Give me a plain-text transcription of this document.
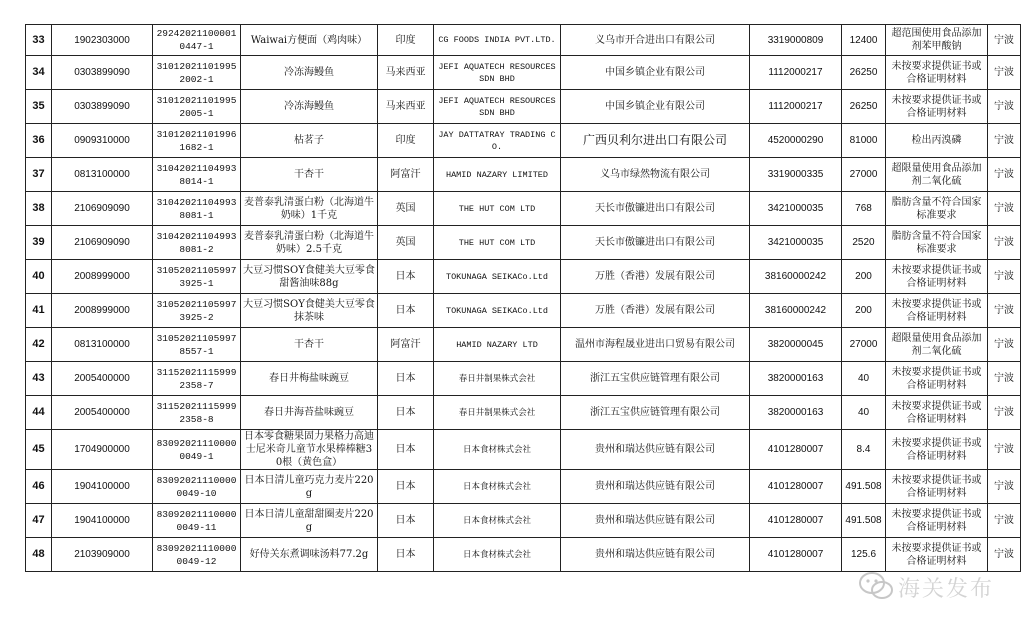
33	1902303000	292420211000010447-1	Waiwai方便面（鸡肉味）	印度	CG FOODS INDIA PVT.LTD.	义乌市开合进出口有限公司	3319000809	12400	超范围使用食品添加剂苯甲酸钠	宁波
34	0303899090	310120211019952002-1	冷冻海鳗鱼	马来西亚	JEFI AQUATECH RESOURCES SDN BHD	中国乡镇企业有限公司	1112000217	26250	未按要求提供证书或合格证明材料	宁波
35	0303899090	310120211019952005-1	冷冻海鳗鱼	马来西亚	JEFI AQUATECH RESOURCES SDN BHD	中国乡镇企业有限公司	1112000217	26250	未按要求提供证书或合格证明材料	宁波
36	0909310000	310120211019961682-1	枯茗子	印度	JAY DATTATRAY TRADING CO.	广西贝利尔进出口有限公司	4520000290	81000	检出丙溴磷	宁波
37	0813100000	310420211049938014-1	干杏干	阿富汗	HAMID NAZARY LIMITED	义乌市绿然物流有限公司	3319000335	27000	超限量使用食品添加剂二氧化硫	宁波
38	2106909090	310420211049938081-1	麦普泰乳清蛋白粉（北海道牛奶味）1千克	英国	THE HUT COM LTD	天长市傲镰进出口有限公司	3421000035	768	脂肪含量不符合国家标准要求	宁波
39	2106909090	310420211049938081-2	麦普泰乳清蛋白粉（北海道牛奶味）2.5千克	英国	THE HUT COM LTD	天长市傲镰进出口有限公司	3421000035	2520	脂肪含量不符合国家标准要求	宁波
40	2008999000	310520211059973925-1	大豆习惯SOY食健美大豆零食甜酱油味88g	日本	TOKUNAGA SEIKACo.Ltd	万胜（香港）发展有限公司	38160000242	200	未按要求提供证书或合格证明材料	宁波
41	2008999000	310520211059973925-2	大豆习惯SOY食健美大豆零食抹茶味	日本	TOKUNAGA SEIKACo.Ltd	万胜（香港）发展有限公司	38160000242	200	未按要求提供证书或合格证明材料	宁波
42	0813100000	310520211059978557-1	干杏干	阿富汗	HAMID NAZARY LTD	温州市海程晟业进出口贸易有限公司	3820000045	27000	超限量使用食品添加剂二氧化硫	宁波
43	2005400000	311520211159992358-7	春日井梅盐味豌豆	日本	春日井制果株式会社	浙江五宝供应链管理有限公司	3820000163	40	未按要求提供证书或合格证明材料	宁波
44	2005400000	311520211159992358-8	春日井海苔盐味豌豆	日本	春日井制果株式会社	浙江五宝供应链管理有限公司	3820000163	40	未按要求提供证书或合格证明材料	宁波
45	1704900000	830920211100000049-1	日本零食糖果固力果格力高迪士尼米奇儿童节水果棒棒糖30根（黄色盒）	日本	日本食材株式会社	贵州和瑞达供应链有限公司	4101280007	8.4	未按要求提供证书或合格证明材料	宁波
46	1904100000	830920211100000049-10	日本日清儿童巧克力麦片220g	日本	日本食材株式会社	贵州和瑞达供应链有限公司	4101280007	491.508	未按要求提供证书或合格证明材料	宁波
47	1904100000	830920211100000049-11	日本日清儿童甜甜圈麦片220g	日本	日本食材株式会社	贵州和瑞达供应链有限公司	4101280007	491.508	未按要求提供证书或合格证明材料	宁波
48	2103909000	830920211100000049-12	好侍关东煮调味汤料77.2g	日本	日本食材株式会社	贵州和瑞达供应链有限公司	4101280007	125.6	未按要求提供证书或合格证明材料	宁波
海关发布
